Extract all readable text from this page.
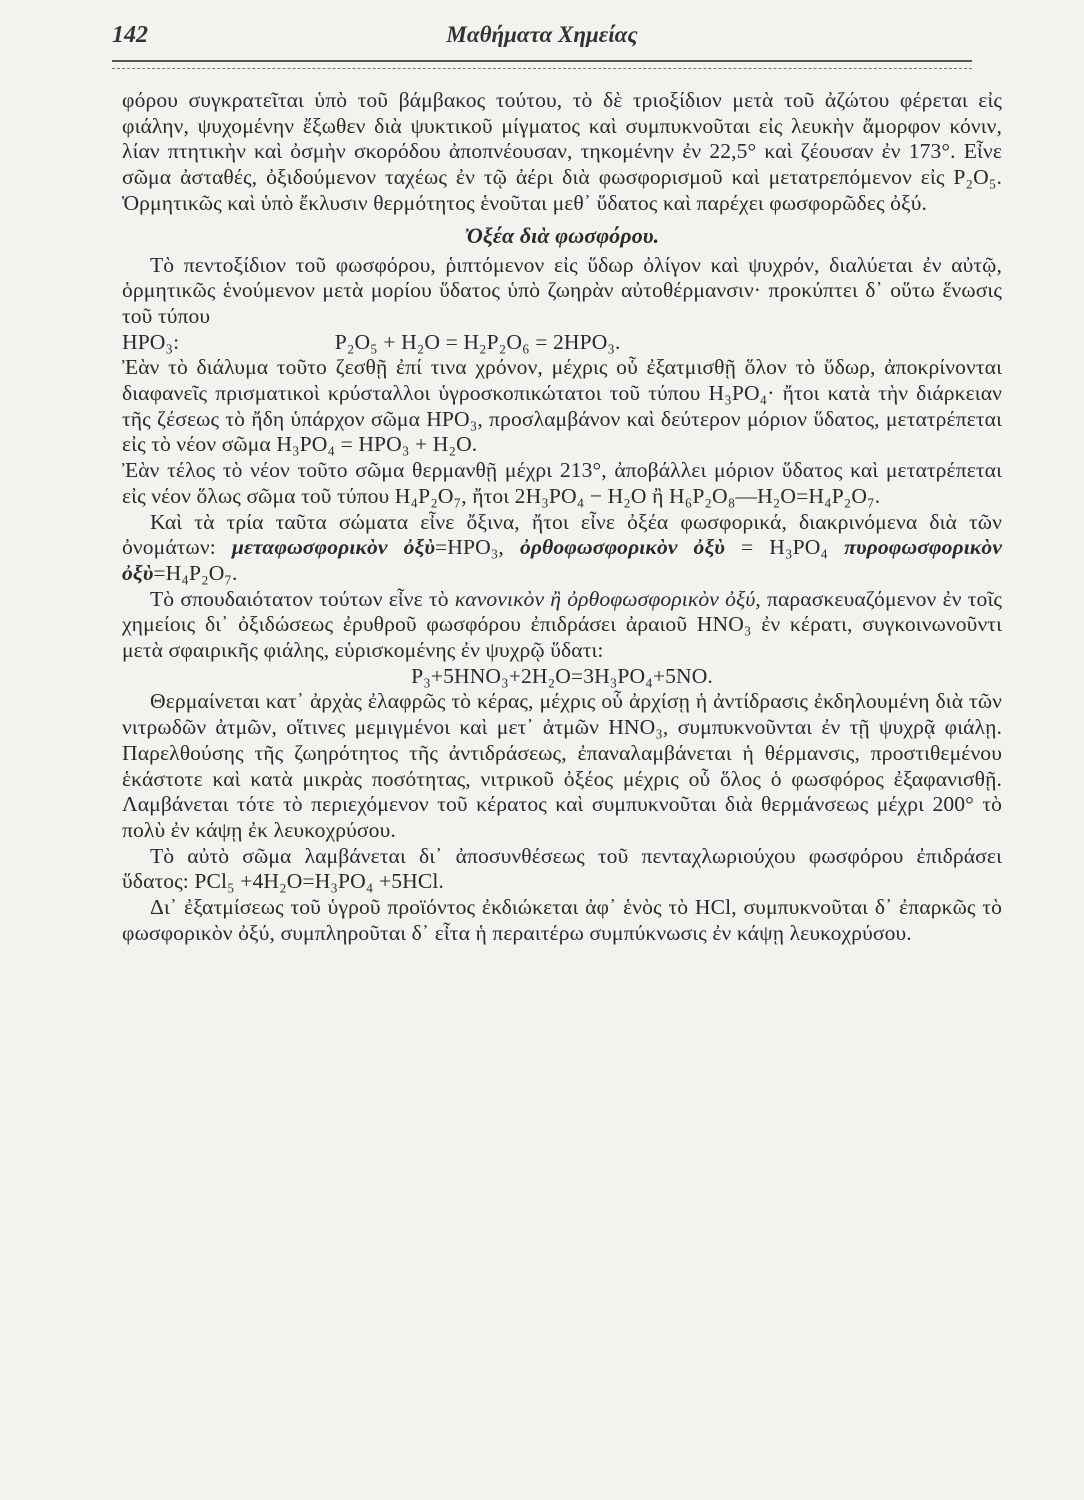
142	Μαθήματα Χημείας

φόρου συγκρατεῖται ὑπὸ τοῦ βάμβακος τούτου, τὸ δὲ τριοξίδιον μετὰ τοῦ ἀζώτου φέρεται εἰς φιάλην, ψυχομένην ἔξωθεν διὰ ψυκτικοῦ μίγματος καὶ συμπυκνοῦται εἰς λευκὴν ἄμορφον κόνιν, λίαν πτητικὴν καὶ ὀσμὴν σκορόδου ἀποπνέουσαν, τηκομένην ἐν 22,5° καὶ ζέουσαν ἐν 173°. Εἶνε σῶμα ἀσταθές, ὀξιδούμενον ταχέως ἐν τῷ ἀέρι διὰ φωσφορισμοῦ καὶ μετατρεπόμενον εἰς P₂O₅. Ὁρμητικῶς καὶ ὑπὸ ἔκλυσιν θερμότητος ἑνοῦται μεθ᾽ ὕδατος καὶ παρέχει φωσφορῶδες ὀξύ.

Ὀξέα διὰ φωσφόρου.

Τὸ πεντοξίδιον τοῦ φωσφόρου, ῥιπτόμενον εἰς ὕδωρ ὀλίγον καὶ ψυχρόν, διαλύεται ἐν αὐτῷ, ὁρμητικῶς ἑνούμενον μετὰ μορίου ὕδατος ὑπὸ ζωηρὰν αὐτοθέρμανσιν· προκύπτει δ᾽ οὕτω ἕνωσις τοῦ τύπου

HPO₃:	P₂O₅ + H₂O = H₂P₂O₆ = 2HPO₃.

Ἐὰν τὸ διάλυμα τοῦτο ζεσθῇ ἐπί τινα χρόνον, μέχρις οὗ ἐξατμισθῇ ὅλον τὸ ὕδωρ, ἀποκρίνονται διαφανεῖς πρισματικοὶ κρύσταλλοι ὑγροσκοπικώτατοι τοῦ τύπου H₃PO₄· ἤτοι κατὰ τὴν διάρκειαν τῆς ζέσεως τὸ ἤδη ὑπάρχον σῶμα HPO₃, προσλαμβάνον καὶ δεύτερον μόριον ὕδατος, μετατρέπεται εἰς τὸ νέον σῶμα H₃PO₄ = HPO₃ + H₂O.

Ἐὰν τέλος τὸ νέον τοῦτο σῶμα θερμανθῇ μέχρι 213°, ἀποβάλλει μόριον ὕδατος καὶ μετατρέπεται εἰς νέον ὅλως σῶμα τοῦ τύπου H₄P₂O₇, ἤτοι 2H₃PO₄ − H₂O ἢ H₆P₂O₈—H₂O=H₄P₂O₇.

Καὶ τὰ τρία ταῦτα σώματα εἶνε ὄξινα, ἤτοι εἶνε ὀξέα φωσφορικά, διακρινόμενα διὰ τῶν ὀνομάτων: μεταφωσφορικὸν ὀξὺ=HPO₃, ὀρθοφωσφορικὸν ὀξὺ = H₃PO₄ πυροφωσφορικὸν ὀξὺ=H₄P₂O₇.

Τὸ σπουδαιότατον τούτων εἶνε τὸ κανονικὸν ἢ ὀρθοφωσφορικὸν ὀξύ, παρασκευαζόμενον ἐν τοῖς χημείοις δι᾽ ὀξιδώσεως ἐρυθροῦ φωσφόρου ἐπιδράσει ἀραιοῦ HNO₃ ἐν κέρατι, συγκοινωνοῦντι μετὰ σφαιρικῆς φιάλης, εὑρισκομένης ἐν ψυχρῷ ὕδατι:

P₃+5HNO₃+2H₂O=3H₃PO₄+5NO.

Θερμαίνεται κατ᾽ ἀρχὰς ἐλαφρῶς τὸ κέρας, μέχρις οὗ ἀρχίσῃ ἡ ἀντίδρασις ἐκδηλουμένη διὰ τῶν νιτρωδῶν ἀτμῶν, οἵτινες μεμιγμένοι καὶ μετ᾽ ἀτμῶν HNO₃, συμπυκνοῦνται ἐν τῇ ψυχρᾷ φιάλῃ. Παρελθούσης τῆς ζωηρότητος τῆς ἀντιδράσεως, ἐπαναλαμβάνεται ἡ θέρμανσις, προστιθεμένου ἑκάστοτε καὶ κατὰ μικρὰς ποσότητας, νιτρικοῦ ὀξέος μέχρις οὗ ὅλος ὁ φωσφόρος ἐξαφανισθῇ. Λαμβάνεται τότε τὸ περιεχόμενον τοῦ κέρατος καὶ συμπυκνοῦται διὰ θερμάνσεως μέχρι 200° τὸ πολὺ ἐν κάψῃ ἐκ λευκοχρύσου.

Τὸ αὐτὸ σῶμα λαμβάνεται δι᾽ ἀποσυνθέσεως τοῦ πενταχλωριούχου φωσφόρου ἐπιδράσει ὕδατος: PCl₅ +4H₂O=H₃PO₄ +5HCl.

Δι᾽ ἐξατμίσεως τοῦ ὑγροῦ προϊόντος ἐκδιώκεται ἀφ᾽ ἑνὸς τὸ HCl, συμπυκνοῦται δ᾽ ἐπαρκῶς τὸ φωσφορικὸν ὀξύ, συμπληροῦται δ᾽ εἶτα ἡ περαιτέρω συμπύκνωσις ἐν κάψῃ λευκοχρύσου.
